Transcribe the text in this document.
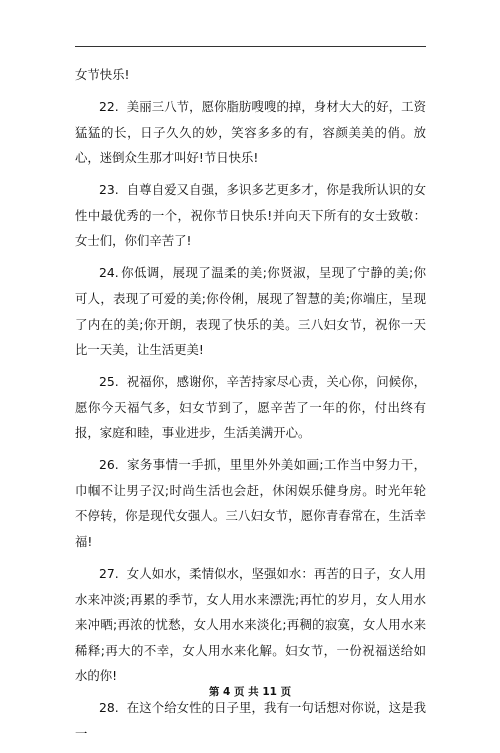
女节快乐!

22. 美丽三八节，愿你脂肪嗖嗖的掉，身材大大的好，工资猛猛的长，日子久久的妙，笑容多多的有，容颜美美的俏。放心，迷倒众生那才叫好!节日快乐!

23. 自尊自爱又自强，多识多艺更多才，你是我所认识的女性中最优秀的一个，祝你节日快乐!并向天下所有的女士致敬：女士们，你们辛苦了!

24. 你低调，展现了温柔的美;你贤淑，呈现了宁静的美;你可人，表现了可爱的美;你伶俐，展现了智慧的美;你端庄，呈现了内在的美;你开朗，表现了快乐的美。三八妇女节，祝你一天比一天美，让生活更美!

25. 祝福你，感谢你，辛苦持家尽心责，关心你，问候你，愿你今天福气多，妇女节到了，愿辛苦了一年的你，付出终有报，家庭和睦，事业进步，生活美满开心。

26. 家务事情一手抓，里里外外美如画;工作当中努力干，巾帼不让男子汉;时尚生活也会赶，休闲娱乐健身房。时光年轮不停转，你是现代女强人。三八妇女节，愿你青春常在，生活幸福!

27. 女人如水，柔情似水，坚强如水：再苦的日子，女人用水来冲淡;再累的季节，女人用水来漂洗;再忙的岁月，女人用水来冲晒;再浓的忧愁，女人用水来淡化;再稠的寂寞，女人用水来稀释;再大的不幸，女人用水来化解。妇女节，一份祝福送给如水的你!

28. 在这个给女性的日子里，我有一句话想对你说，这是我一

第 4 页 共 11 页
